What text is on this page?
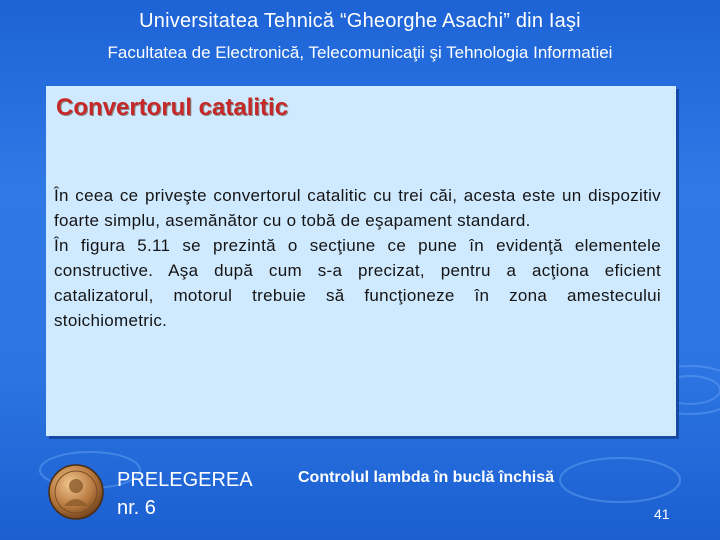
Universitatea Tehnică “Gheorghe Asachi” din Iaşi
Facultatea de Electronică, Telecomunicaţii şi Tehnologia Informatiei
Convertorul catalitic

În ceea ce priveşte convertorul catalitic cu trei căi, acesta este un dispozitiv foarte simplu, asemănător cu o tobă de eşapament standard.

În figura 5.11 se prezintă o secţiune ce pune în evidenţă elementele constructive. Aşa după cum s-a precizat, pentru a acţiona eficient catalizatorul, motorul trebuie să funcţioneze în zona amestecului stoichiometric.

PRELEGEREA
nr. 6
Controlul lambda în buclă închisă
41
